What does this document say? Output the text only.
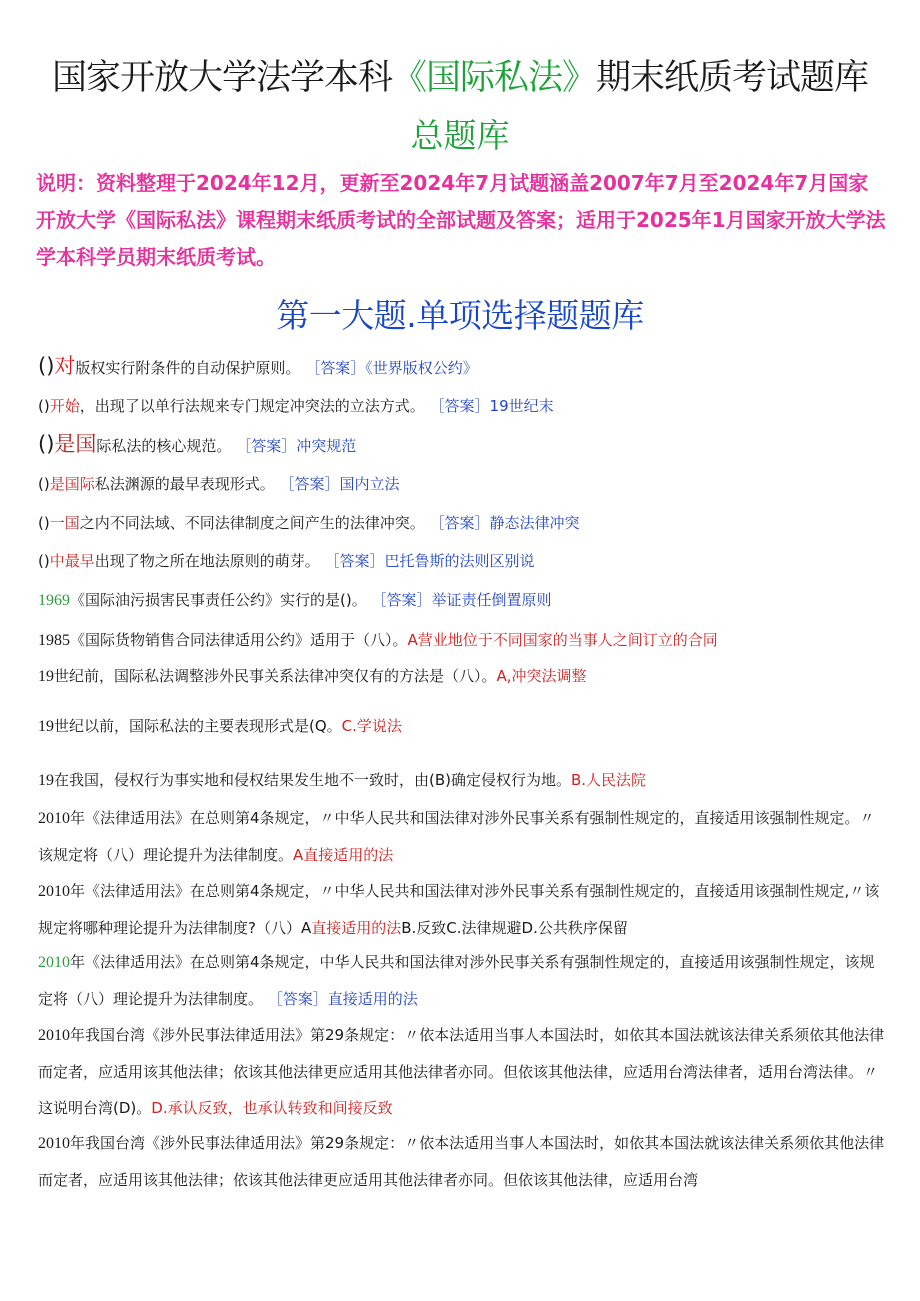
国家开放大学法学本科《国际私法》期末纸质考试题库
总题库
说明：资料整理于2024年12月，更新至2024年7月试题涵盖2007年7月至2024年7月国家开放大学《国际私法》课程期末纸质考试的全部试题及答案；适用于2025年1月国家开放大学法学本科学员期末纸质考试。
第一大题.单项选择题题库
()对版权实行附条件的自动保护原则。 ［答案］《世界版权公约》
()开始，出现了以单行法规来专门规定冲突法的立法方式。 ［答案］19世纪末
()是国际私法的核心规范。 ［答案］冲突规范
()是国际私法渊源的最早表现形式。 ［答案］国内立法
()一国之内不同法域、不同法律制度之间产生的法律冲突。 ［答案］静态法律冲突
()中最早出现了物之所在地法原则的萌芽。 ［答案］巴托鲁斯的法则区别说
1969《国际油污损害民事责任公约》实行的是()。 ［答案］举证责任倒置原则
1985《国际货物销售合同法律适用公约》适用于（八）。A营业地位于不同国家的当事人之间订立的合同
19世纪前，国际私法调整涉外民事关系法律冲突仅有的方法是（八）。A,冲突法调整
19世纪以前，国际私法的主要表现形式是(Q。C.学说法
19在我国，侵权行为事实地和侵权结果发生地不一致时，由(B)确定侵权行为地。B.人民法院
2010年《法律适用法》在总则第4条规定，〃中华人民共和国法律对涉外民事关系有强制性规定的，直接适用该强制性规定。〃该规定将（八）理论提升为法律制度。A直接适用的法
2010年《法律适用法》在总则第4条规定，〃中华人民共和国法律对涉外民事关系有强制性规定的，直接适用该强制性规定,〃该规定将哪种理论提升为法律制度?（八）A直接适用的法B.反致C.法律规避D.公共秩序保留
2010年《法律适用法》在总则第4条规定，中华人民共和国法律对涉外民事关系有强制性规定的，直接适用该强制性规定，该规定将（八）理论提升为法律制度。 ［答案］直接适用的法
2010年我国台湾《涉外民事法律适用法》第29条规定：〃依本法适用当事人本国法时，如依其本国法就该法律关系须依其他法律而定者，应适用该其他法律；依该其他法律更应适用其他法律者亦同。但依该其他法律，应适用台湾法律者，适用台湾法律。〃这说明台湾(D)。D.承认反致，也承认转致和间接反致
2010年我国台湾《涉外民事法律适用法》第29条规定：〃依本法适用当事人本国法时，如依其本国法就该法律关系须依其他法律而定者，应适用该其他法律；依该其他法律更应适用其他法律者亦同。但依该其他法律，应适用台湾
